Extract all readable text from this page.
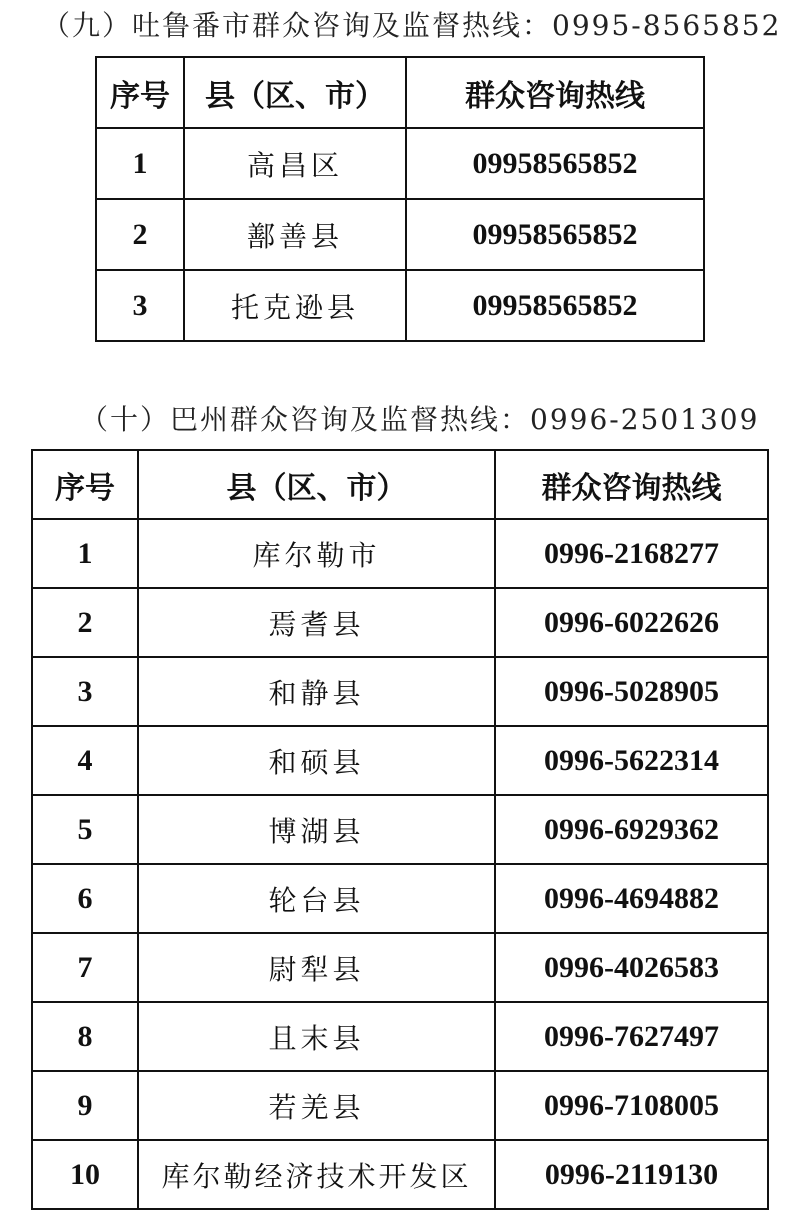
（九）吐鲁番市群众咨询及监督热线：0995-8565852
序号	县（区、市）	群众咨询热线
1	高昌区	09958565852
2	鄯善县	09958565852
3	托克逊县	09958565852
（十）巴州群众咨询及监督热线：0996-2501309
序号	县（区、市）	群众咨询热线
1	库尔勒市	0996-2168277
2	焉耆县	0996-6022626
3	和静县	0996-5028905
4	和硕县	0996-5622314
5	博湖县	0996-6929362
6	轮台县	0996-4694882
7	尉犁县	0996-4026583
8	且末县	0996-7627497
9	若羌县	0996-7108005
10	库尔勒经济技术开发区	0996-2119130
